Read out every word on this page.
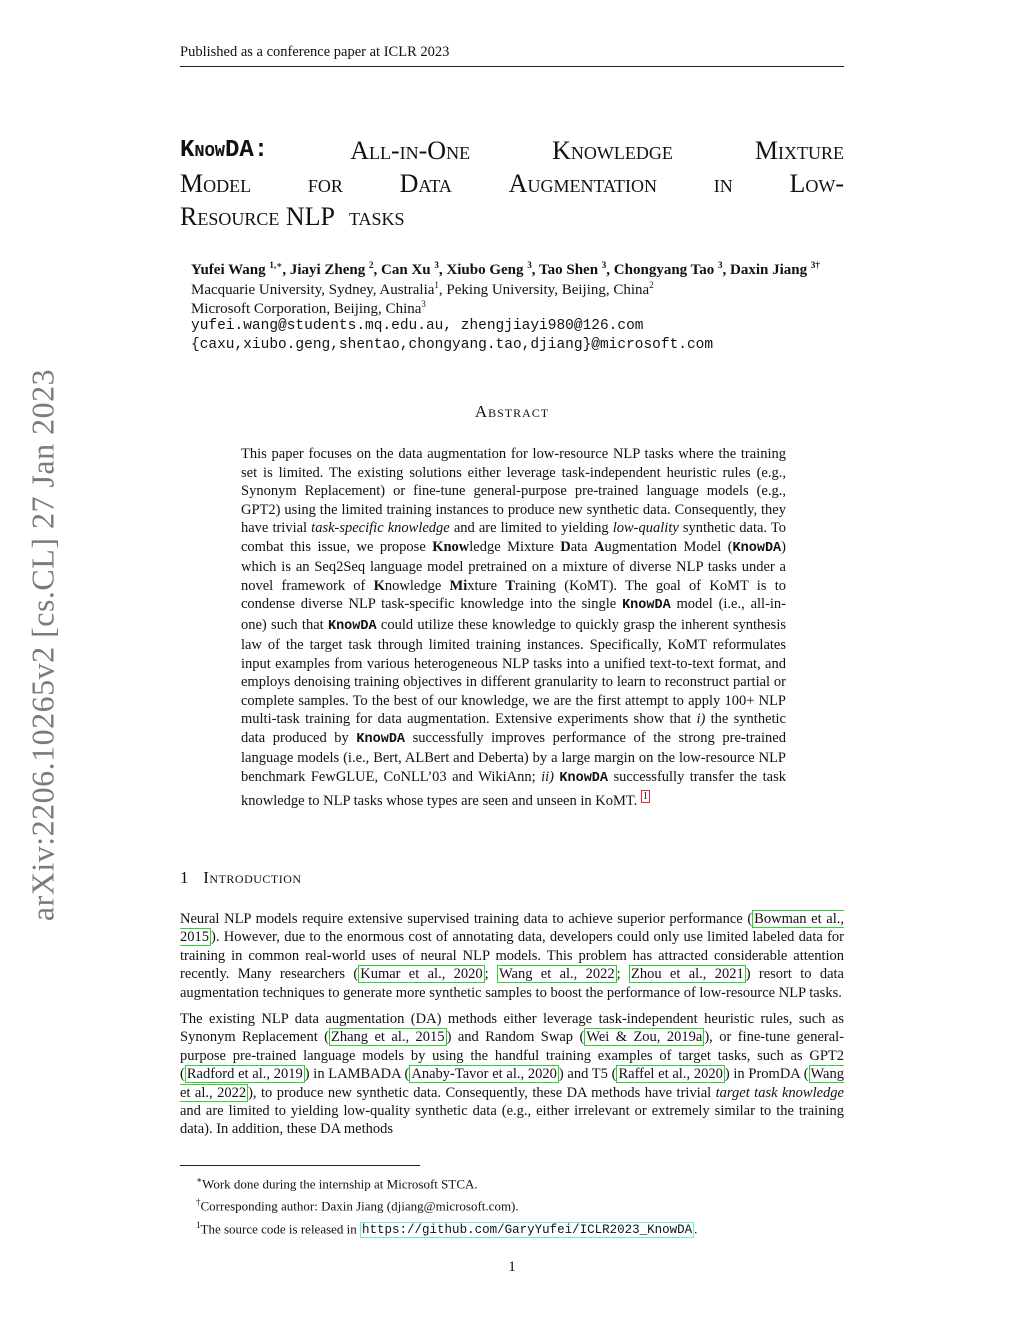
Published as a conference paper at ICLR 2023
arXiv:2206.10265v2 [cs.CL] 27 Jan 2023
KnowDA:	All-in-One	Knowledge	Mixture
Model for Data Augmentation in Low-
Resource NLP tasks
Yufei Wang $^{1,∗}$, Jiayi Zheng $^2$, Can Xu $^3$, Xiubo Geng $^3$, Tao Shen $^3$, Chongyang Tao $^3$, Daxin Jiang $^{3\dagger}$
Macquarie University, Sydney, Australia$^1$, Peking University, Beijing, China$^2$
Microsoft Corporation, Beijing, China$^3$
yufei.wang@students.mq.edu.au, zhengjiayi980@126.com
{caxu,xiubo.geng,shentao,chongyang.tao,djiang}@microsoft.com
Abstract

This paper focuses on the data augmentation for low-resource NLP tasks where the training set is limited. The existing solutions either leverage task-independent heuristic rules (e.g., Synonym Replacement) or fine-tune general-purpose pre-trained language models (e.g., GPT2) using the limited training instances to produce new synthetic data. Consequently, they have trivial task-specific knowledge and are limited to yielding low-quality synthetic data. To combat this issue, we propose Knowledge Mixture Data Augmentation Model (KnowDA) which is an Seq2Seq language model pretrained on a mixture of diverse NLP tasks under a novel framework of Knowledge Mixture Training (KoMT). The goal of KoMT is to condense diverse NLP task-specific knowledge into the single KnowDA model (i.e., all-in-one) such that KnowDA could utilize these knowledge to quickly grasp the inherent synthesis law of the target task through limited training instances. Specifically, KoMT reformulates input examples from various heterogeneous NLP tasks into a unified text-to-text format, and employs denoising training objectives in different granularity to learn to reconstruct partial or complete samples. To the best of our knowledge, we are the first attempt to apply 100+ NLP multi-task training for data augmentation. Extensive experiments show that i) the synthetic data produced by KnowDA successfully improves performance of the strong pre-trained language models (i.e., Bert, ALBert and Deberta) by a large margin on the low-resource NLP benchmark FewGLUE, CoNLL’03 and WikiAnn; ii) KnowDA successfully transfer the task knowledge to NLP tasks whose types are seen and unseen in KoMT. $^1$

1 Introduction

Neural NLP models require extensive supervised training data to achieve superior performance ( Bowman et al., 2015 ). However, due to the enormous cost of annotating data, developers could only use limited labeled data for training in common real-world uses of neural NLP models. This problem has attracted considerable attention recently. Many researchers ( Kumar et al., 2020 ; Wang et al., 2022 ; Zhou et al., 2021 ) resort to data augmentation techniques to generate more synthetic samples to boost the performance of low-resource NLP tasks.

The existing NLP data augmentation (DA) methods either leverage task-independent heuristic rules, such as Synonym Replacement ( Zhang et al., 2015 ) and Random Swap ( Wei & Zou, 2019a ), or fine-tune general-purpose pre-trained language models by using the handful training examples of target tasks, such as GPT2 ( Radford et al., 2019 ) in LAMBADA ( Anaby-Tavor et al., 2020 ) and T5 ( Raffel et al., 2020 ) in PromDA ( Wang et al., 2022 ), to produce new synthetic data. Consequently, these DA methods have trivial target task knowledge and are limited to yielding low-quality synthetic data (e.g., either irrelevant or extremely similar to the training data). In addition, these DA methods

∗Work done during the internship at Microsoft STCA.
†Corresponding author: Daxin Jiang (djiang@microsoft.com).
$^1$The source code is released in https://github.com/GaryYufei/ICLR2023_KnowDA .
1
